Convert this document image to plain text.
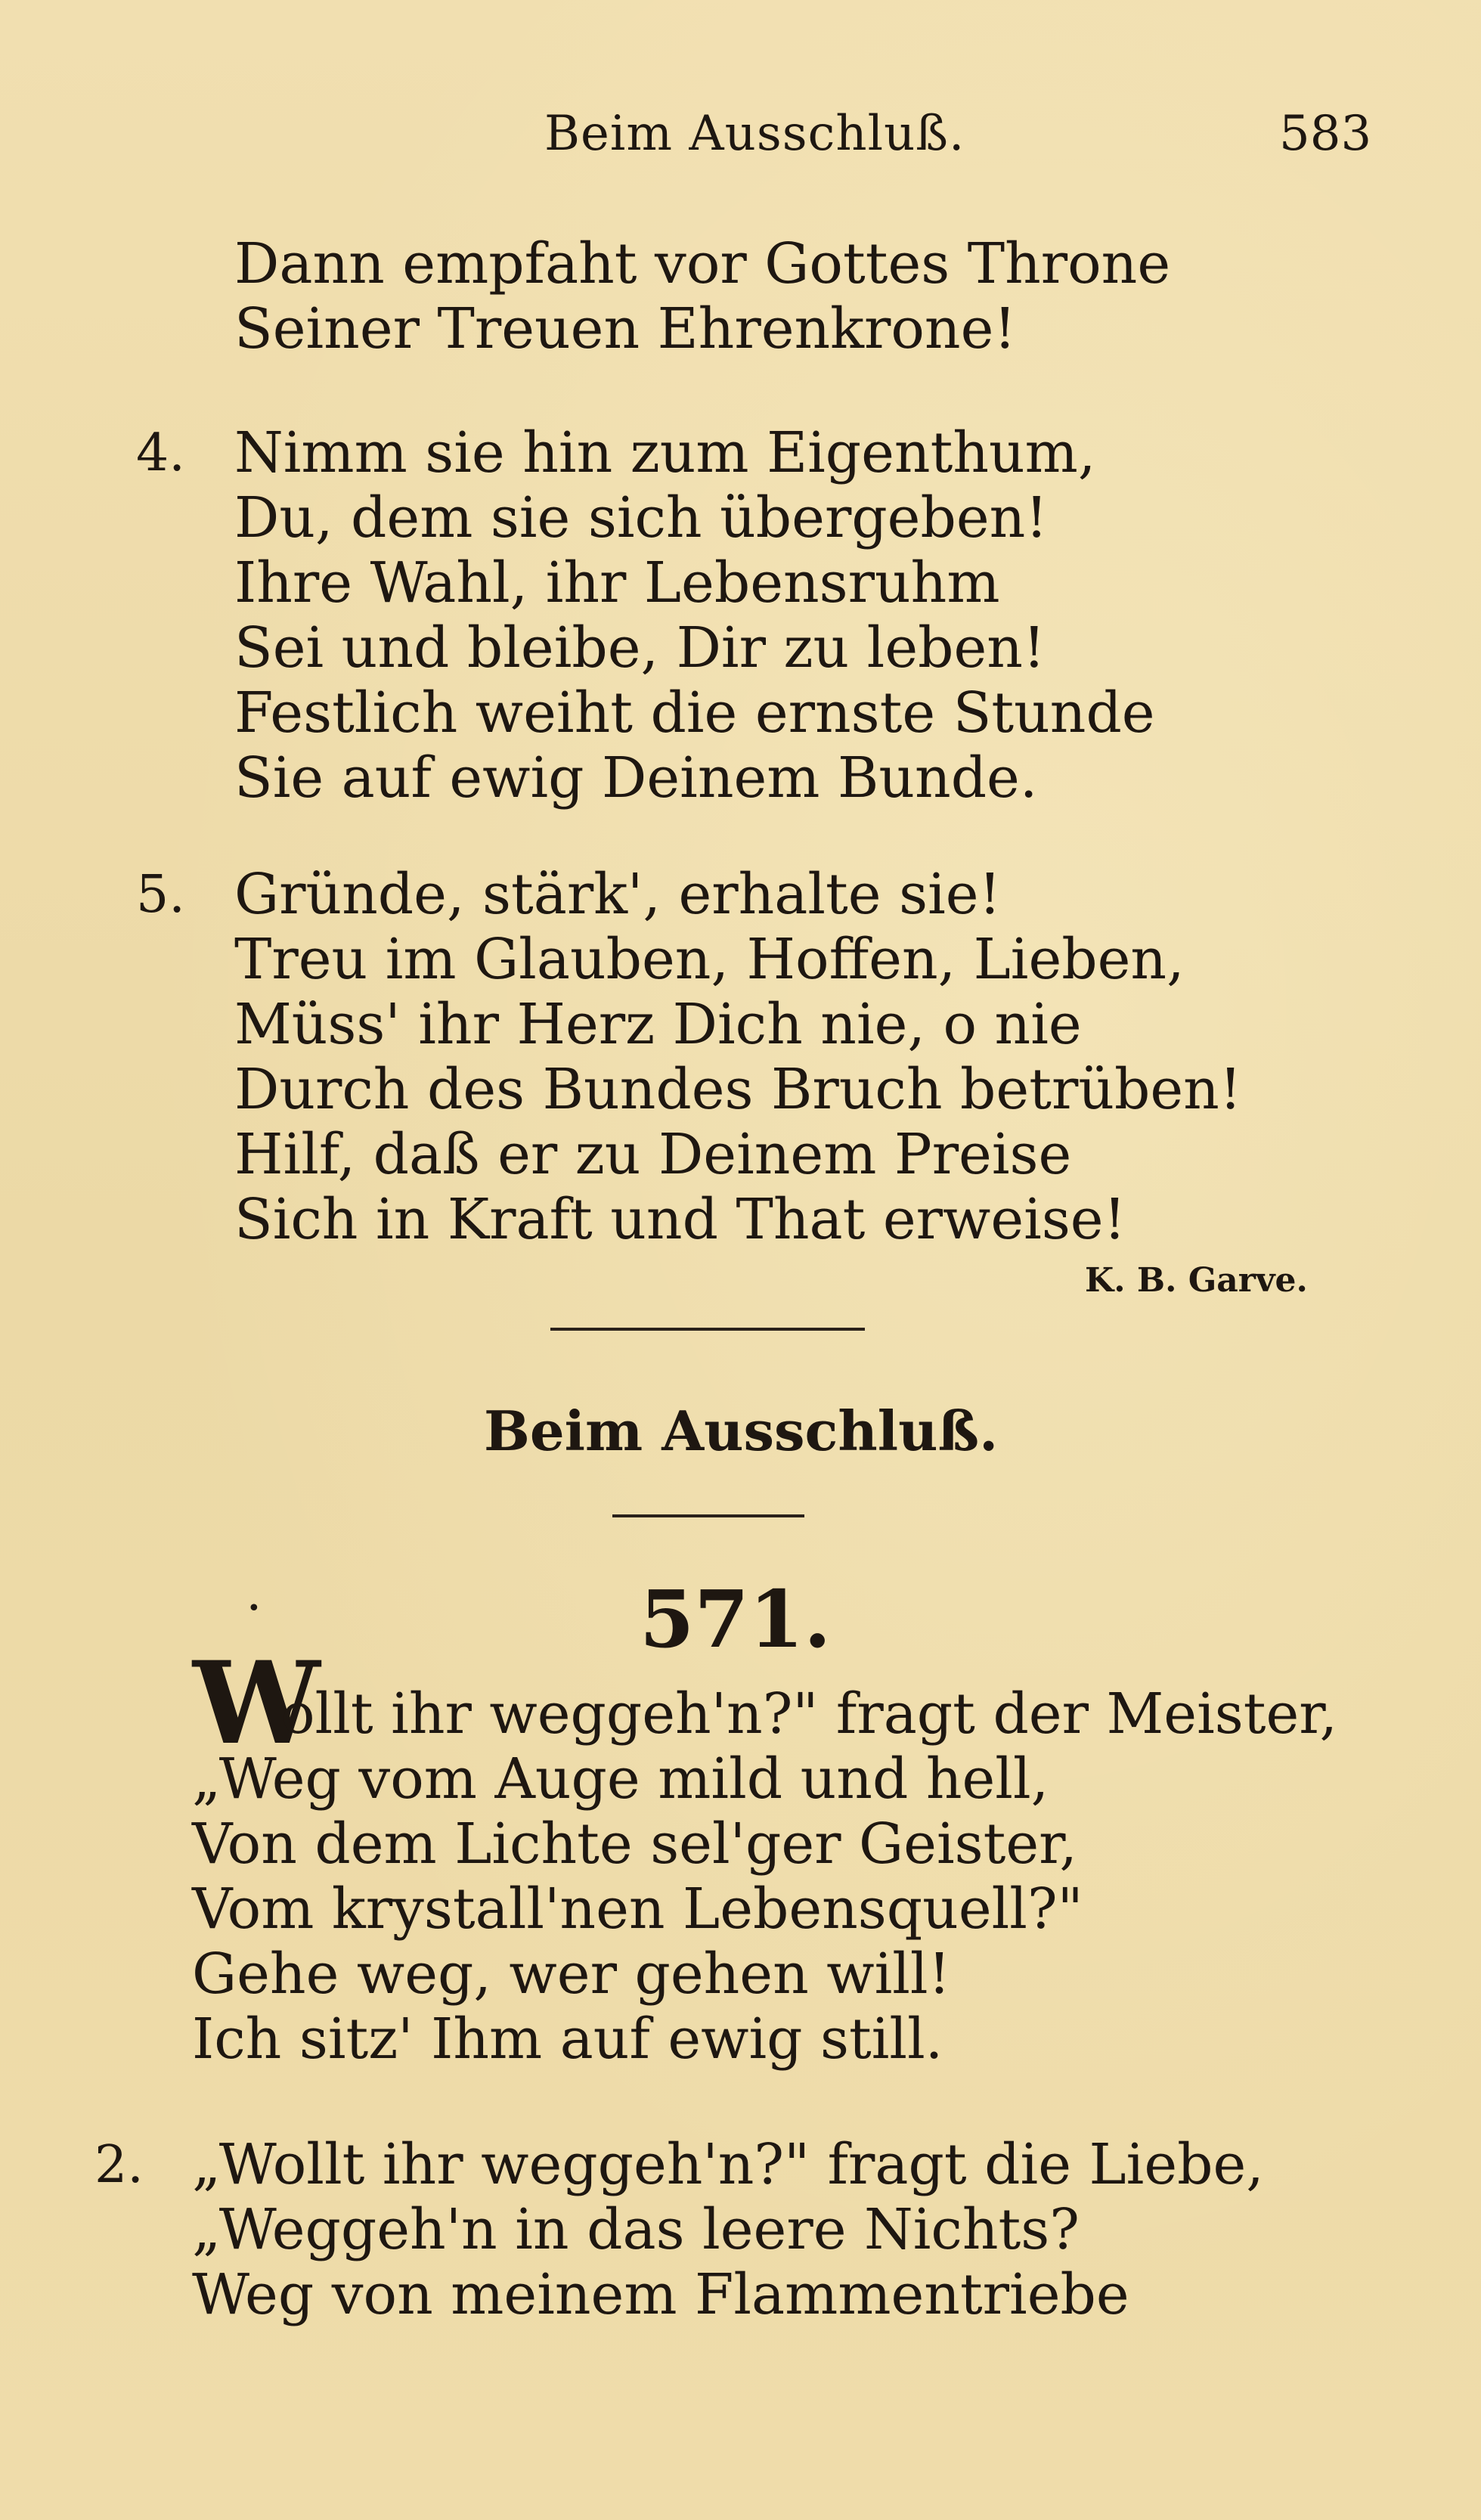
Beim Ausschluß.	583
Dann empfaht vor Gottes Throne
Seiner Treuen Ehrenkrone!
4. Nimm sie hin zum Eigenthum,
Du, dem sie sich übergeben!
Ihre Wahl, ihr Lebensruhm
Sei und bleibe, Dir zu leben!
Festlich weiht die ernste Stunde
Sie auf ewig Deinem Bunde.
5. Gründe, stärk', erhalte sie!
Treu im Glauben, Hoffen, Lieben,
Müss' ihr Herz Dich nie, o nie
Durch des Bundes Bruch betrüben!
Hilf, daß er zu Deinem Preise
Sich in Kraft und That erweise!
K. B. Garve.
Beim Ausschluß.
•	571.
W
ollt ihr weggeh'n?" fragt der Meister,
„Weg vom Auge mild und hell,
Von dem Lichte sel'ger Geister,
Vom krystall'nen Lebensquell?"
Gehe weg, wer gehen will!
Ich sitz' Ihm auf ewig still.
2. „Wollt ihr weggeh'n?" fragt die Liebe,
„Weggeh'n in das leere Nichts?
Weg von meinem Flammentriebe
